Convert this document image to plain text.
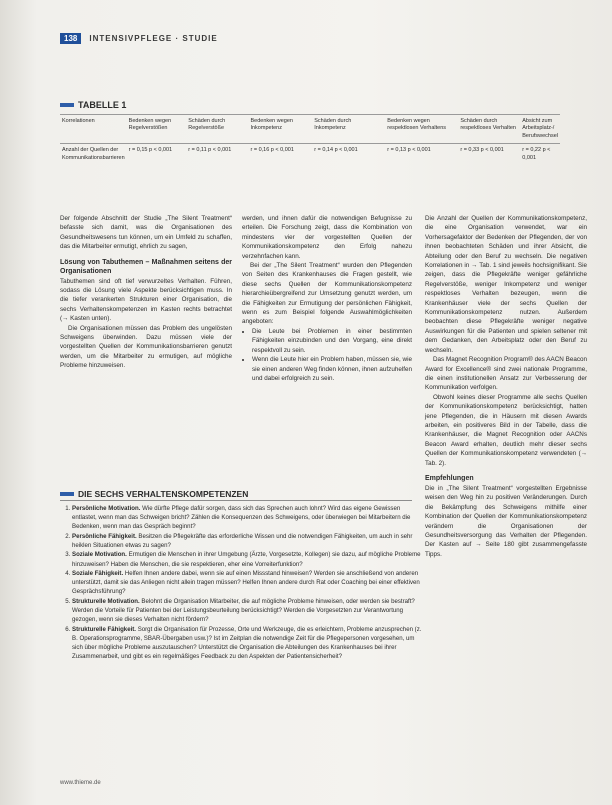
138	INTENSIVPFLEGE · STUDIE
TABELLE 1
Korrelationen	Bedenken wegen Regelverstößen	Schäden durch Regelverstöße	Bedenken wegen Inkompetenz	Schäden durch Inkompetenz	Bedenken wegen respektlosen Verhaltens	Schäden durch respektloses Verhalten	Absicht zum Arbeitsplatz-/ Berufswechsel
Anzahl der Quellen der Kommunikationsbarrieren	r = 0,15 p < 0,001	r = 0,11 p < 0,001	r = 0,16 p < 0,001	r = 0,14 p < 0,001	r = 0,13 p < 0,001	r = 0,33 p < 0,001	r = 0,22 p < 0,001

Der folgende Abschnitt der Studie „The Silent Treatment“ befasste sich damit, was die Organisationen des Gesundheitswesens tun können, um ein Umfeld zu schaffen, das die Mitarbeiter ermutigt, ehrlich zu sagen,

Lösung von Tabuthemen – Maßnahmen seitens der Organisationen

Tabuthemen sind oft tief verwurzeltes Verhalten. Führen, sodass die Lösung viele Aspekte berücksichtigen muss. In die tiefer verankerten Strukturen einer Organisation, die sechs Verhaltenskompetenzen im Kasten rechts betrachtet (→ Kasten unten).

Die Organisationen müssen das Problem des ungelösten Schweigens überwinden. Dazu müssen viele der vorgestellten Quellen der Kommunikationsbarrieren genutzt werden, um die Mitarbeiter zu ermutigen, auf mögliche Probleme hinzuweisen.

werden, und ihnen dafür die notwendigen Befugnisse zu erteilen. Die Forschung zeigt, dass die Kombination von mindestens vier der vorgestellten Quellen der Kommunikationskompetenz den Erfolg nahezu verzehnfachen kann.

Bei der „The Silent Treatment“ wurden den Pflegenden von Seiten des Krankenhauses die Fragen gestellt, wie diese sechs Quellen der Kommunikationskompetenz hierarchieübergreifend zur Umsetzung genutzt werden, um die Fähigkeiten zur Ermutigung der persönlichen Fähigkeit, wenn es zum Beispiel folgende Auswahlmöglichkeiten angeboten:

• Die Leute bei Problemen in einer bestimmten Fähigkeiten einzubinden und den Vorgang, eine direkt respektvoll zu sein.
• Wenn die Leute hier ein Problem haben, müssen sie, wie sie einen anderen Weg finden können, ihnen aufzuhelfen und dabei erfolgreich zu sein.

Die Anzahl der Quellen der Kommunikationskompetenz, die eine Organisation verwendet, war ein Vorhersagefaktor der Bedenken der Pflegenden, der von ihnen beobachteten Schäden und ihrer Absicht, die Abteilung oder den Beruf zu wechseln. Die negativen Korrelationen in → Tab. 1 sind jeweils hochsignifikant. Sie zeigen, dass die Pflegekräfte weniger gefährliche Regelverstöße, weniger Inkompetenz und weniger respektloses Verhalten bezeugen, wenn die Krankenhäuser viele der sechs Quellen der Kommunikationskompetenz nutzen. Außerdem beobachten diese Pflegekräfte weniger negative Auswirkungen für die Patienten und spielen seltener mit dem Gedanken, den Arbeitsplatz oder den Beruf zu wechseln.

Das Magnet Recognition Program® des AACN Beacon Award for Excellence® sind zwei nationale Programme, die einen institutionellen Ansatz zur Verbesserung der Kommunikation verfolgen.

Obwohl keines dieser Programme alle sechs Quellen der Kommunikationskompetenz berücksichtigt, hatten jene Pflegenden, die in Häusern mit diesen Awards arbeiten, ein positiveres Bild in der Tabelle, dass die Krankenhäuser, die Magnet Recognition oder AACNs Beacon Award erhalten, deutlich mehr dieser sechs Quellen der Kommunikationskompetenz verwendeten (→ Tab. 2).

Empfehlungen

Die in „The Silent Treatment“ vorgestellten Ergebnisse weisen den Weg hin zu positiven Veränderungen. Durch die Bekämpfung des Schweigens mithilfe einer Kombination der Quellen der Kommunikationskompetenz verändern die Organisationen der Gesundheitsversorgung das Verhalten der Pflegenden. Der Kasten auf → Seite 180 gibt zusammengefasste Tipps.

DIE SECHS VERHALTENSKOMPETENZEN
1. Persönliche Motivation. Wie dürfte Pflege dafür sorgen, dass sich das Sprechen auch lohnt? Wird das eigene Gewissen entlastet, wenn man das Schweigen bricht? Zählen die Konsequenzen des Schweigens, oder überwiegen bei Mitarbeitern die Bedenken, wenn man das Gespräch beginnt?
2. Persönliche Fähigkeit. Besitzen die Pflegekräfte das erforderliche Wissen und die notwendigen Fähigkeiten, um auch in sehr heiklen Situationen etwas zu sagen?
3. Soziale Motivation. Ermutigen die Menschen in ihrer Umgebung (Ärzte, Vorgesetzte, Kollegen) sie dazu, auf mögliche Probleme hinzuweisen? Haben die Menschen, die sie respektieren, eher eine Vorreiterfunktion?
4. Soziale Fähigkeit. Helfen Ihnen andere dabei, wenn sie auf einen Missstand hinweisen? Werden sie anschließend von anderen unterstützt, damit sie das Anliegen nicht allein tragen müssen? Helfen Ihnen andere durch Rat oder Coaching bei einer effektiven Gesprächsführung?
5. Strukturelle Motivation. Belohnt die Organisation Mitarbeiter, die auf mögliche Probleme hinweisen, oder werden sie bestraft? Werden die Vorteile für Patienten bei der Leistungsbeurteilung berücksichtigt? Werden die Vorgesetzten zur Verantwortung gezogen, wenn sie dieses Verhalten nicht fördern?
6. Strukturelle Fähigkeit. Sorgt die Organisation für Prozesse, Orte und Werkzeuge, die es erleichtern, Probleme anzusprechen (z. B. Operationsprogramme, SBAR-Übergaben usw.)? Ist im Zeitplan die notwendige Zeit für die Pflegepersonen vorgesehen, um sich über mögliche Probleme auszutauschen? Unterstützt die Organisation die Abteilungen des Krankenhauses bei ihrer Zusammenarbeit, und gibt es ein regelmäßiges Feedback zu den Aspekten der Patientensicherheit?
www.thieme.de
